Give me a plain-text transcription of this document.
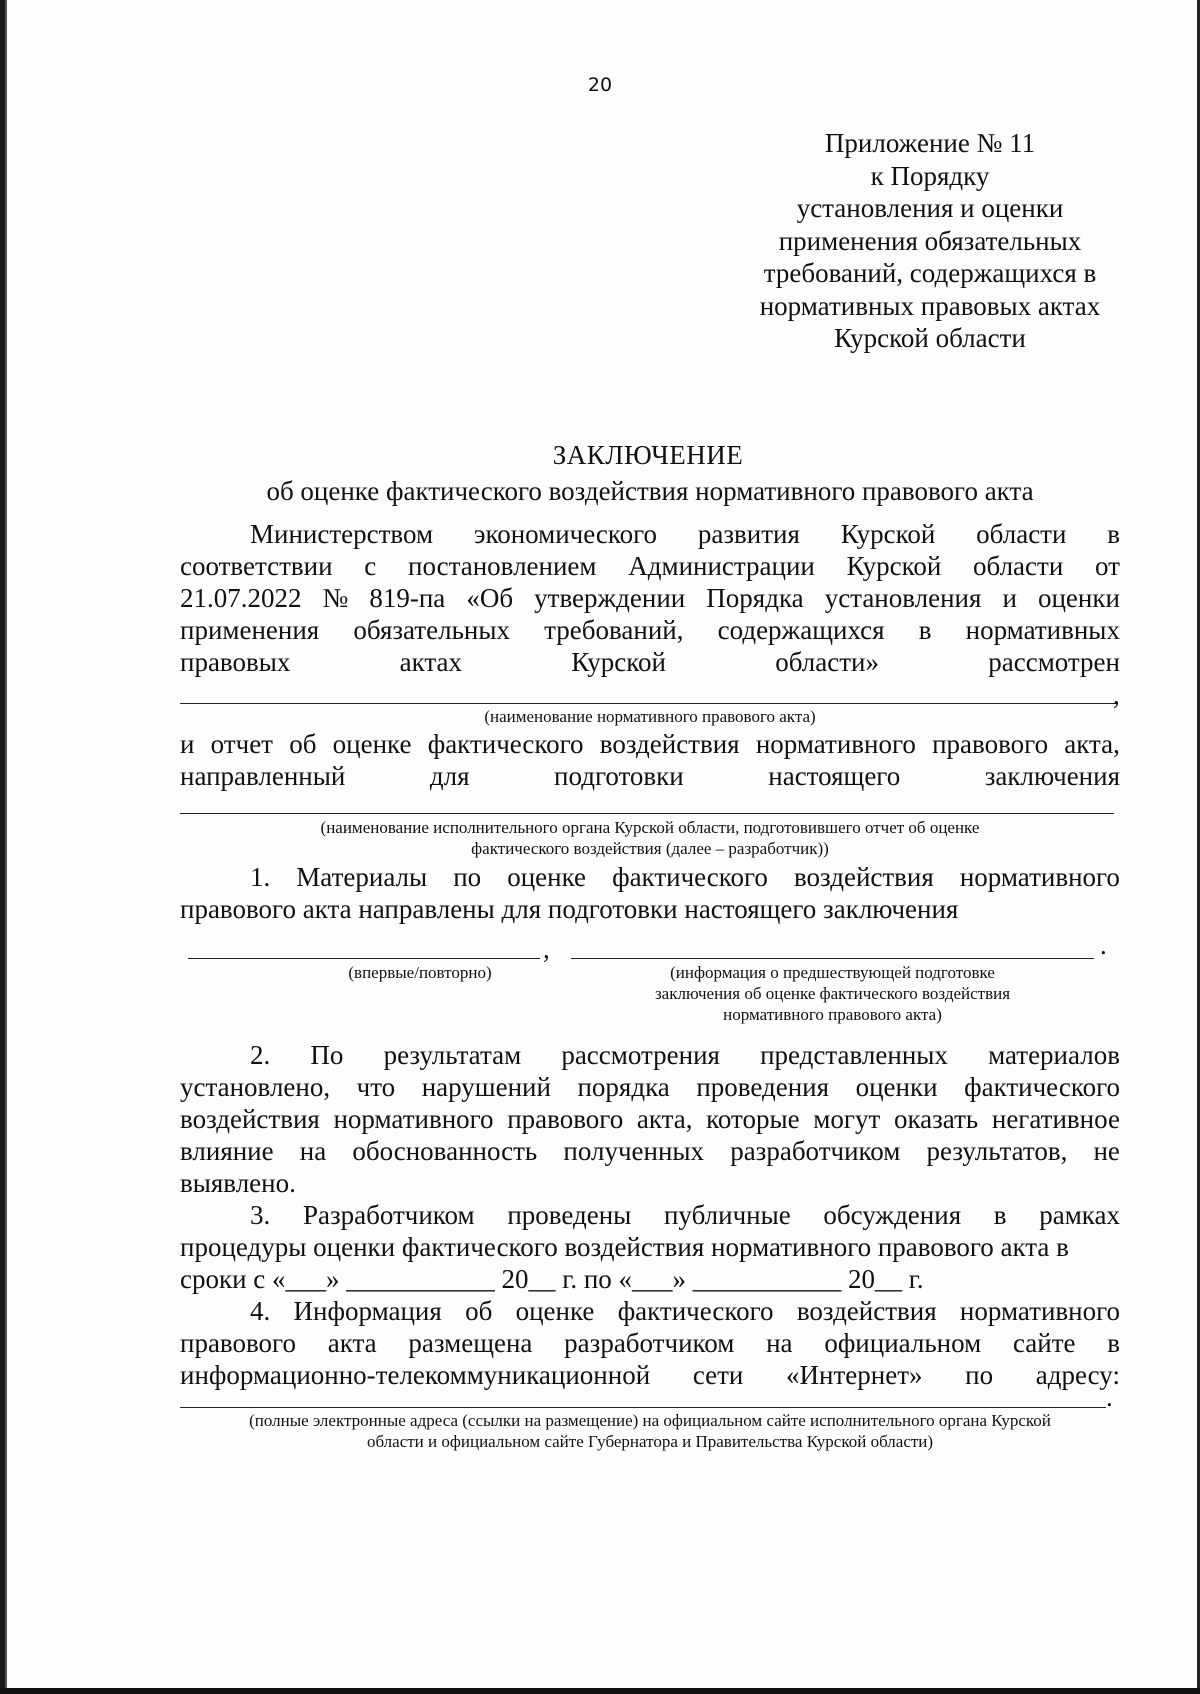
20
Приложение № 11
к Порядку
установления и оценки
применения обязательных
требований, содержащихся в
нормативных правовых актах
Курской области
ЗАКЛЮЧЕНИЕ
об оценке фактического воздействия нормативного правового акта
Министерством экономического развития Курской области в
соответствии с постановлением Администрации Курской области от
21.07.2022 № 819-па «Об утверждении Порядка установления и оценки
применения обязательных требований, содержащихся в нормативных
правовых	актах	Курской	области»	рассмотрен
,
(наименование нормативного правового акта)
и отчет об оценке фактического воздействия нормативного правового акта,
направленный	для	подготовки	настоящего	заключения
(наименование исполнительного органа Курской области, подготовившего отчет об оценке
фактического воздействия (далее – разработчик))
1. Материалы по оценке фактического воздействия нормативного
правового акта направлены для подготовки настоящего заключения
,	.
(впервые/повторно)	(информация о предшествующей подготовке
заключения об оценке фактического воздействия
нормативного правового акта)
2. По результатам рассмотрения представленных материалов
установлено, что нарушений порядка проведения оценки фактического
воздействия нормативного правового акта, которые могут оказать негативное
влияние на обоснованность полученных разработчиком результатов, не
выявлено.
3. Разработчиком проведены публичные обсуждения в рамках
процедуры оценки фактического воздействия нормативного правового акта в
сроки с «___» ___________ 20__ г. по «___» ___________ 20__ г.
4. Информация об оценке фактического воздействия нормативного
правового акта размещена разработчиком на официальном сайте в
информационно-телекоммуникационной сети «Интернет» по адресу:
.
(полные электронные адреса (ссылки на размещение) на официальном сайте исполнительного органа Курской
области и официальном сайте Губернатора и Правительства Курской области)
